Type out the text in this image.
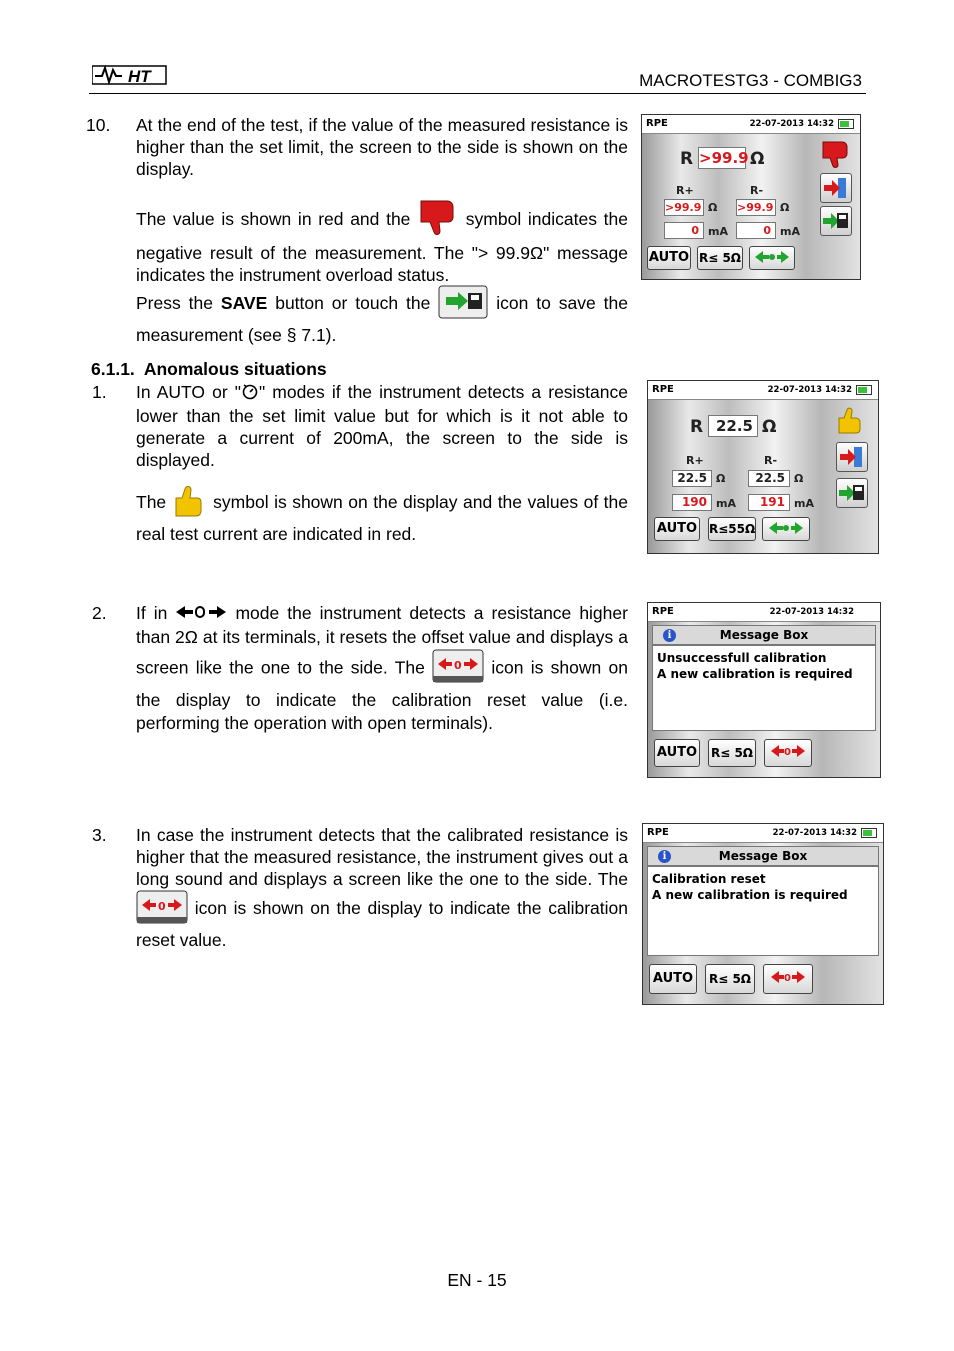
HT	MACROTESTG3 - COMBIG3
10. At the end of the test, if the value of the measured resistance is higher than the set limit, the screen to the side is shown on the display.
The value is shown in red and the	symbol indicates the negative result of the measurement. The "> 99.9Ω" message indicates the instrument overload status.
Press the SAVE button or touch the	icon to save the measurement (see § 7.1).
RPE	22-07-2013 14:32
R >99.9 Ω
R+	R-
>99.9 Ω >99.9 Ω
0 mA	0 mA
AUTO R≤ 5Ω
6.1.1.  Anomalous situations
1. In AUTO or " " modes if the instrument detects a resistance lower than the set limit value but for which is it not able to generate a current of 200mA, the screen to the side is displayed.
The	symbol is shown on the display and the values of the real test current are indicated in red.
RPE	22-07-2013 14:32
R 22.5 Ω
R+	R-
22.5 Ω	22.5 Ω
190 mA	191 mA
AUTO R≤55Ω
2. If in	mode the instrument detects a resistance higher than 2Ω at its terminals, it resets the offset value and displays a screen like the one to the side. The	0 icon is shown on the display to indicate the calibration reset value (i.e. performing the operation with open terminals).
RPE	22-07-2013 14:32
i	Message Box
Unsuccessfull calibration
A new calibration is required
AUTO R≤ 5Ω	0
3. In case the instrument detects that the calibrated resistance is higher that the measured resistance, the instrument gives out a long sound and displays a screen like the one to the side. The
0 icon is shown on the display to indicate the calibration reset value.
RPE	22-07-2013 14:32
i	Message Box
Calibration reset
A new calibration is required
AUTO	R≤ 5Ω	0
EN - 15
